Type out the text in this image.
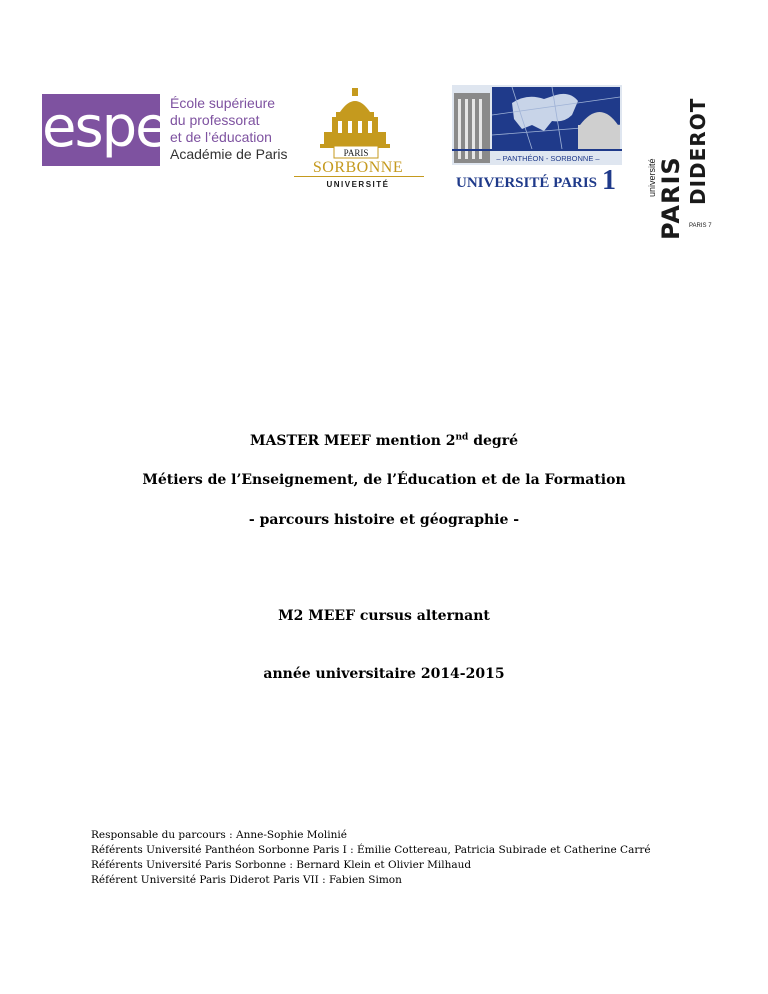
espe École supérieure
du professorat
et de l’éducation
Académie de Paris	PARIS
SORBONNE
UNIVERSITÉ
– PANTHÉON - SORBONNE –
UNIVERSITÉ PARIS 1	université PARIS DIDEROT
PARIS 7
MASTER MEEF mention 2nd degré
Métiers de l’Enseignement, de l’Éducation et de la Formation
- parcours histoire et géographie -
M2 MEEF cursus alternant
année universitaire 2014-2015
Responsable du parcours : Anne-Sophie Molinié
Référents Université Panthéon Sorbonne Paris I : Émilie Cottereau, Patricia Subirade et Catherine Carré
Référents Université Paris Sorbonne : Bernard Klein et Olivier Milhaud
Référent Université Paris Diderot Paris VII : Fabien Simon
